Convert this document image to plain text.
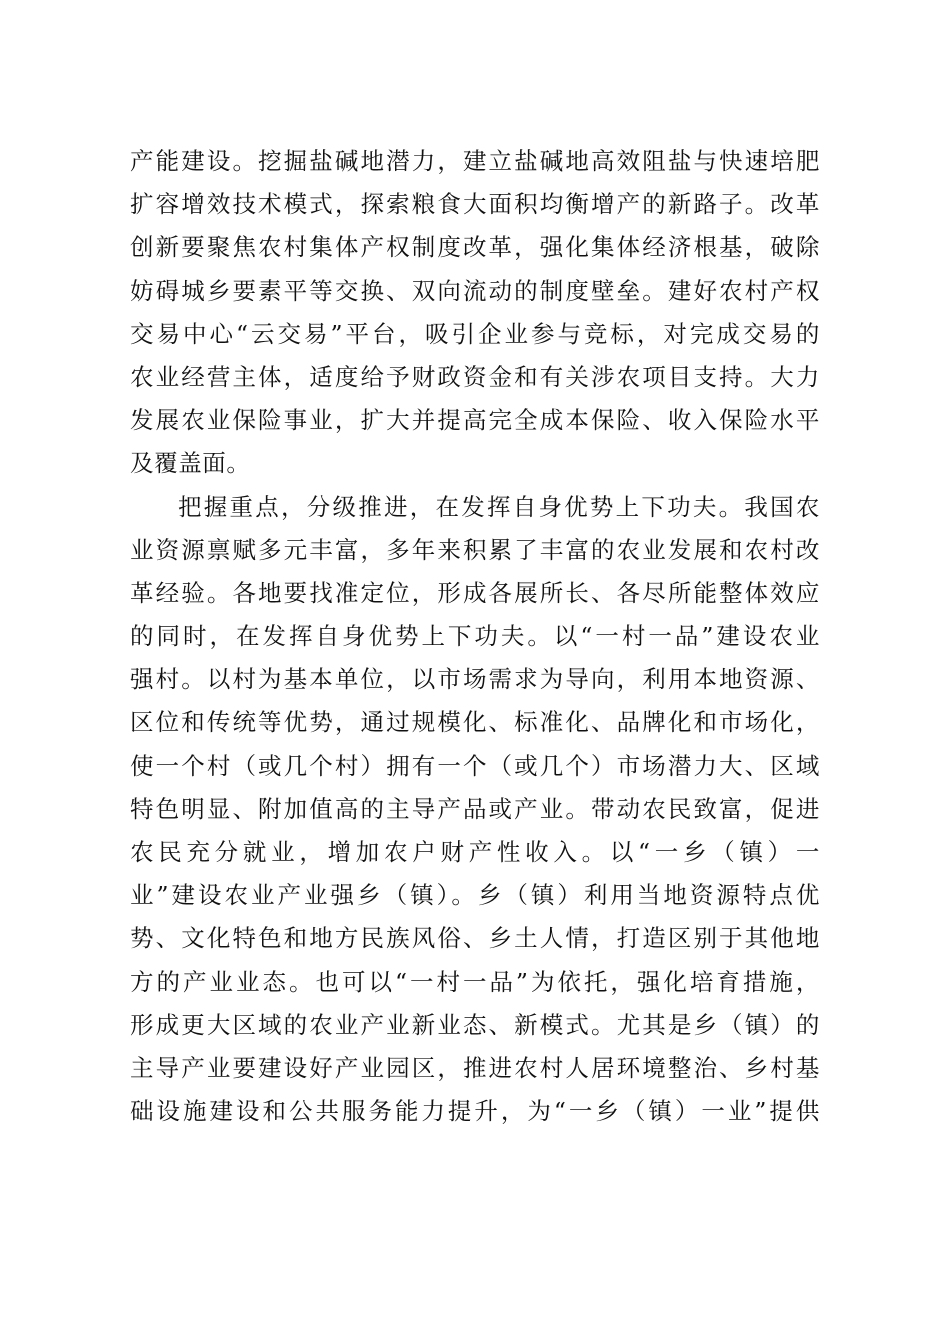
产能建设。挖掘盐碱地潜力，建立盐碱地高效阻盐与快速培肥
扩容增效技术模式，探索粮食大面积均衡增产的新路子。改革
创新要聚焦农村集体产权制度改革，强化集体经济根基，破除
妨碍城乡要素平等交换、双向流动的制度壁垒。建好农村产权
交易中心“云交易”平台，吸引企业参与竞标，对完成交易的
农业经营主体，适度给予财政资金和有关涉农项目支持。大力
发展农业保险事业，扩大并提高完全成本保险、收入保险水平
及覆盖面。
把握重点，分级推进，在发挥自身优势上下功夫。我国农
业资源禀赋多元丰富，多年来积累了丰富的农业发展和农村改
革经验。各地要找准定位，形成各展所长、各尽所能整体效应
的同时，在发挥自身优势上下功夫。以“一村一品”建设农业
强村。以村为基本单位，以市场需求为导向，利用本地资源、
区位和传统等优势，通过规模化、标准化、品牌化和市场化，
使一个村（或几个村）拥有一个（或几个）市场潜力大、区域
特色明显、附加值高的主导产品或产业。带动农民致富，促进
农民充分就业，增加农户财产性收入。以“一乡（镇）一
业”建设农业产业强乡（镇）。乡（镇）利用当地资源特点优
势、文化特色和地方民族风俗、乡土人情，打造区别于其他地
方的产业业态。也可以“一村一品”为依托，强化培育措施，
形成更大区域的农业产业新业态、新模式。尤其是乡（镇）的
主导产业要建设好产业园区，推进农村人居环境整治、乡村基
础设施建设和公共服务能力提升，为“一乡（镇）一业”提供
